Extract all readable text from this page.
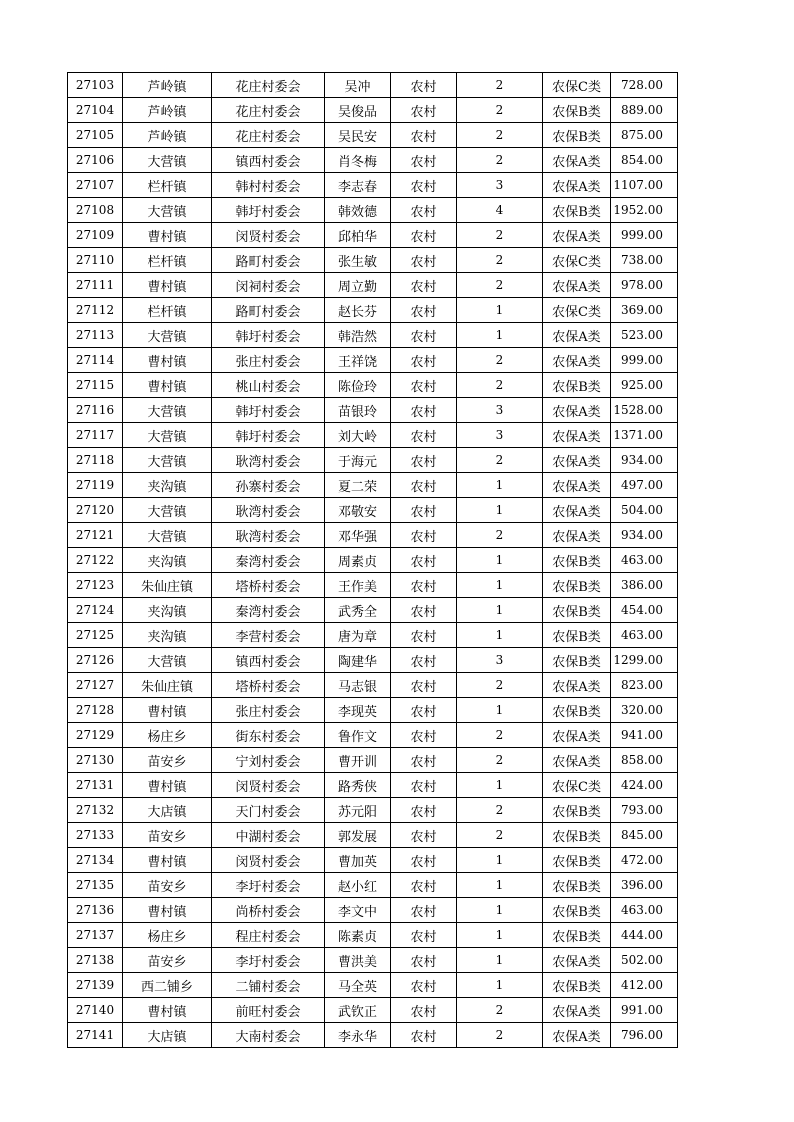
27103	芦岭镇	花庄村委会	吴冲	农村	2	农保C类	728.00
27104	芦岭镇	花庄村委会	吴俊品	农村	2	农保B类	889.00
27105	芦岭镇	花庄村委会	吴民安	农村	2	农保B类	875.00
27106	大营镇	镇西村委会	肖冬梅	农村	2	农保A类	854.00
27107	栏杆镇	韩村村委会	李志春	农村	3	农保A类	1107.00
27108	大营镇	韩圩村委会	韩效德	农村	4	农保B类	1952.00
27109	曹村镇	闵贤村委会	邱柏华	农村	2	农保A类	999.00
27110	栏杆镇	路町村委会	张生敏	农村	2	农保C类	738.00
27111	曹村镇	闵祠村委会	周立勤	农村	2	农保A类	978.00
27112	栏杆镇	路町村委会	赵长芬	农村	1	农保C类	369.00
27113	大营镇	韩圩村委会	韩浩然	农村	1	农保A类	523.00
27114	曹村镇	张庄村委会	王祥饶	农村	2	农保A类	999.00
27115	曹村镇	桃山村委会	陈俭玲	农村	2	农保B类	925.00
27116	大营镇	韩圩村委会	苗银玲	农村	3	农保A类	1528.00
27117	大营镇	韩圩村委会	刘大岭	农村	3	农保A类	1371.00
27118	大营镇	耿湾村委会	于海元	农村	2	农保A类	934.00
27119	夹沟镇	孙寨村委会	夏二荣	农村	1	农保A类	497.00
27120	大营镇	耿湾村委会	邓敬安	农村	1	农保A类	504.00
27121	大营镇	耿湾村委会	邓华强	农村	2	农保A类	934.00
27122	夹沟镇	秦湾村委会	周素贞	农村	1	农保B类	463.00
27123	朱仙庄镇	塔桥村委会	王作美	农村	1	农保B类	386.00
27124	夹沟镇	秦湾村委会	武秀全	农村	1	农保B类	454.00
27125	夹沟镇	李营村委会	唐为章	农村	1	农保B类	463.00
27126	大营镇	镇西村委会	陶建华	农村	3	农保B类	1299.00
27127	朱仙庄镇	塔桥村委会	马志银	农村	2	农保A类	823.00
27128	曹村镇	张庄村委会	李现英	农村	1	农保B类	320.00
27129	杨庄乡	街东村委会	鲁作文	农村	2	农保A类	941.00
27130	苗安乡	宁刘村委会	曹开训	农村	2	农保A类	858.00
27131	曹村镇	闵贤村委会	路秀侠	农村	1	农保C类	424.00
27132	大店镇	天门村委会	苏元阳	农村	2	农保B类	793.00
27133	苗安乡	中湖村委会	郭发展	农村	2	农保B类	845.00
27134	曹村镇	闵贤村委会	曹加英	农村	1	农保B类	472.00
27135	苗安乡	李圩村委会	赵小红	农村	1	农保B类	396.00
27136	曹村镇	尚桥村委会	李文中	农村	1	农保B类	463.00
27137	杨庄乡	程庄村委会	陈素贞	农村	1	农保B类	444.00
27138	苗安乡	李圩村委会	曹洪美	农村	1	农保A类	502.00
27139	西二铺乡	二铺村委会	马全英	农村	1	农保B类	412.00
27140	曹村镇	前旺村委会	武钦正	农村	2	农保A类	991.00
27141	大店镇	大南村委会	李永华	农村	2	农保A类	796.00
